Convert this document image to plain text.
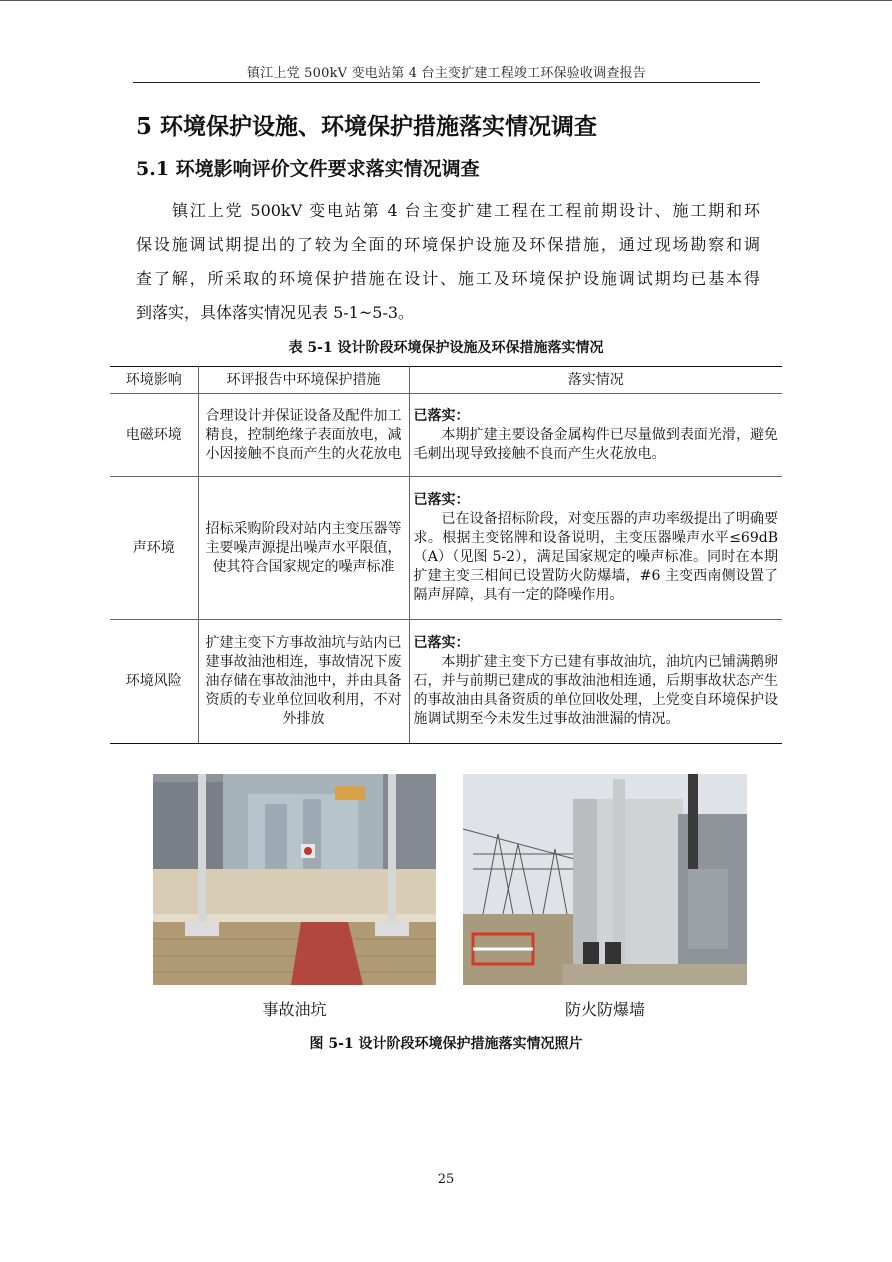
镇江上党 500kV 变电站第 4 台主变扩建工程竣工环保验收调查报告
5 环境保护设施、环境保护措施落实情况调查
5.1 环境影响评价文件要求落实情况调查
镇江上党 500kV 变电站第 4 台主变扩建工程在工程前期设计、施工期和环
保设施调试期提出的了较为全面的环境保护设施及环保措施，通过现场勘察和调
查了解，所采取的环境保护措施在设计、施工及环境保护设施调试期均已基本得
到落实，具体落实情况见表 5-1~5-3。
表 5-1 设计阶段环境保护设施及环保措施落实情况
环境影响	环评报告中环境保护措施	落实情况
电磁环境	合理设计并保证设备及配件加工精良，控制绝缘子表面放电，减小因接触不良而产生的火花放电	已落实：
本期扩建主要设备金属构件已尽量做到表面光滑，避免毛刺出现导致接触不良而产生火花放电。

声环境	招标采购阶段对站内主变压器等主要噪声源提出噪声水平限值，使其符合国家规定的噪声标准	已落实：
已在设备招标阶段，对变压器的声功率级提出了明确要求。根据主变铭牌和设备说明，主变压器噪声水平≤69dB（A）（见图 5-2），满足国家规定的噪声标准。同时在本期扩建主变三相间已设置防火防爆墙，#6 主变西南侧设置了隔声屏障，具有一定的降噪作用。

环境风险	扩建主变下方事故油坑与站内已建事故油池相连，事故情况下废油存储在事故油池中，并由具备资质的专业单位回收利用，不对外排放	已落实：
本期扩建主变下方已建有事故油坑，油坑内已铺满鹅卵石，并与前期已建成的事故油池相连通，后期事故状态产生的事故油由具备资质的单位回收处理，上党变自环境保护设施调试期至今未发生过事故油泄漏的情况。
事故油坑	防火防爆墙
图 5-1 设计阶段环境保护措施落实情况照片
25
